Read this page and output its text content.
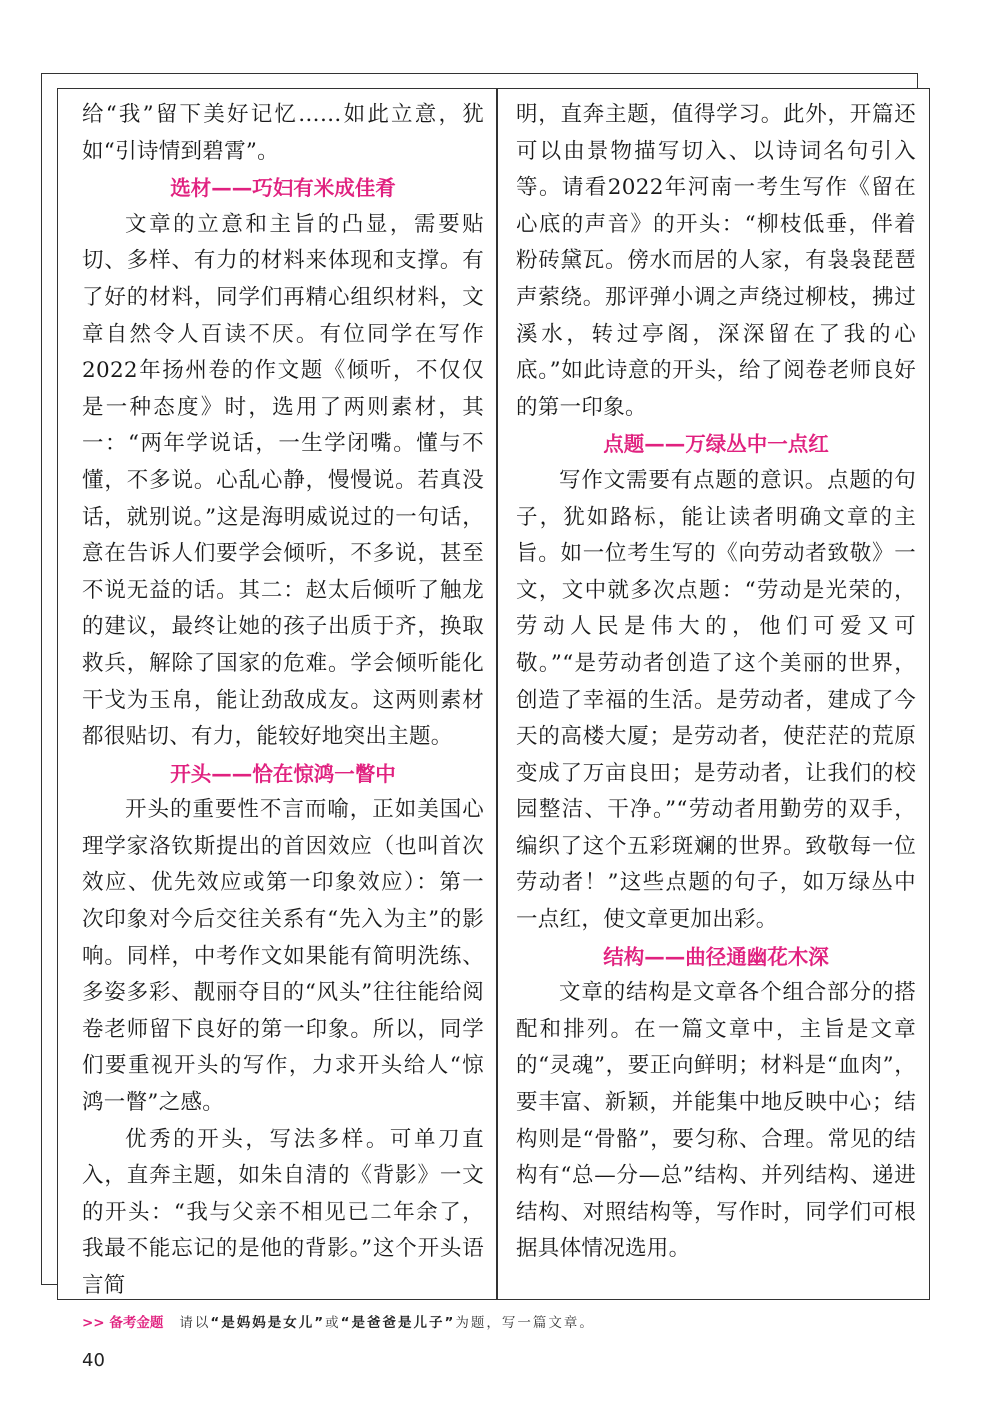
给“我”留下美好记忆……如此立意，犹如“引诗情到碧霄”。

选材——巧妇有米成佳肴

文章的立意和主旨的凸显，需要贴切、多样、有力的材料来体现和支撑。有了好的材料，同学们再精心组织材料，文章自然令人百读不厌。有位同学在写作2022年扬州卷的作文题《倾听，不仅仅是一种态度》时，选用了两则素材，其一：“两年学说话，一生学闭嘴。懂与不懂，不多说。心乱心静，慢慢说。若真没话，就别说。”这是海明威说过的一句话，意在告诉人们要学会倾听，不多说，甚至不说无益的话。其二：赵太后倾听了触龙的建议，最终让她的孩子出质于齐，换取救兵，解除了国家的危难。学会倾听能化干戈为玉帛，能让劲敌成友。这两则素材都很贴切、有力，能较好地突出主题。

开头——恰在惊鸿一瞥中

开头的重要性不言而喻，正如美国心理学家洛钦斯提出的首因效应（也叫首次效应、优先效应或第一印象效应）：第一次印象对今后交往关系有“先入为主”的影响。同样，中考作文如果能有简明洗练、多姿多彩、靓丽夺目的“风头”往往能给阅卷老师留下良好的第一印象。所以，同学们要重视开头的写作，力求开头给人“惊鸿一瞥”之感。

优秀的开头，写法多样。可单刀直入，直奔主题，如朱自清的《背影》一文的开头：“我与父亲不相见已二年余了，我最不能忘记的是他的背影。”这个开头语言简

明，直奔主题，值得学习。此外，开篇还可以由景物描写切入、以诗词名句引入等。请看2022年河南一考生写作《留在心底的声音》的开头：“柳枝低垂，伴着粉砖黛瓦。傍水而居的人家，有袅袅琵琶声萦绕。那评弹小调之声绕过柳枝，拂过溪水，转过亭阁，深深留在了我的心底。”如此诗意的开头，给了阅卷老师良好的第一印象。

点题——万绿丛中一点红

写作文需要有点题的意识。点题的句子，犹如路标，能让读者明确文章的主旨。如一位考生写的《向劳动者致敬》一文，文中就多次点题：“劳动是光荣的，劳动人民是伟大的，他们可爱又可敬。”“是劳动者创造了这个美丽的世界，创造了幸福的生活。是劳动者，建成了今天的高楼大厦；是劳动者，使茫茫的荒原变成了万亩良田；是劳动者，让我们的校园整洁、干净。”“劳动者用勤劳的双手，编织了这个五彩斑斓的世界。致敬每一位劳动者！”这些点题的句子，如万绿丛中一点红，使文章更加出彩。

结构——曲径通幽花木深

文章的结构是文章各个组合部分的搭配和排列。在一篇文章中，主旨是文章的“灵魂”，要正向鲜明；材料是“血肉”，要丰富、新颖，并能集中地反映中心；结构则是“骨骼”，要匀称、合理。常见的结构有“总—分—总”结构、并列结构、递进结构、对照结构等，写作时，同学们可根据具体情况选用。

>> 备考金题 请以“是妈妈是女儿”或“是爸爸是儿子”为题，写一篇文章。
40
